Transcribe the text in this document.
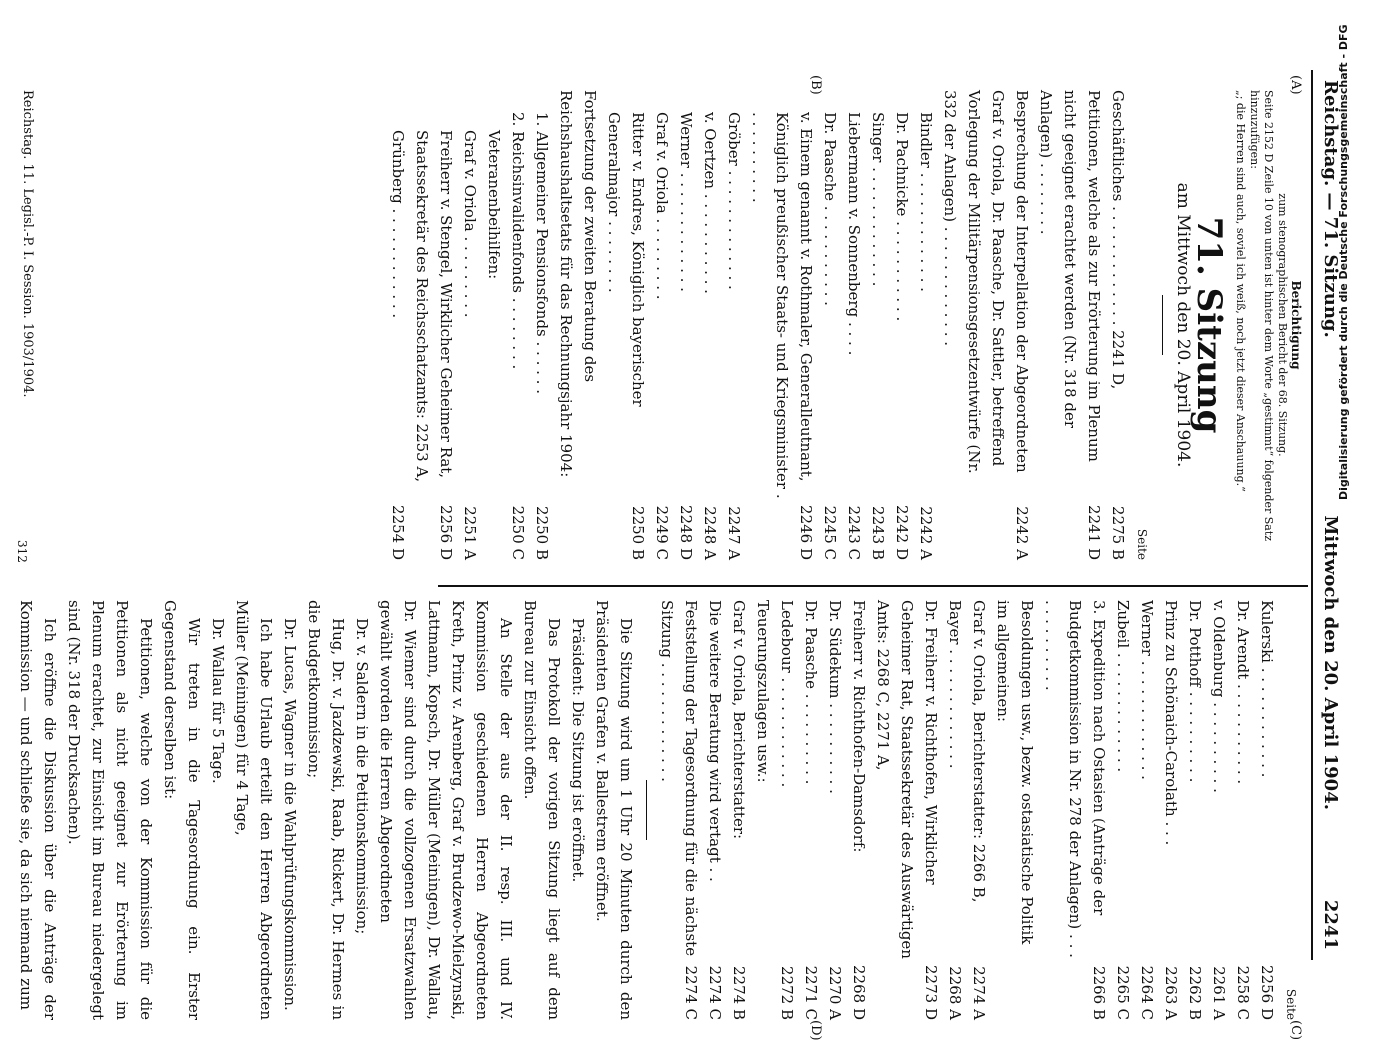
Reichstag. — 71. Sitzung.
Mittwoch den 20. April 1904.
2241
(A)
(B)
(C)
(D)
Berichtigung
zum stenographischen Bericht der 68. Sitzung.
Seite 2152 D Zeile 10 von unten ist hinter dem Worte „gestimmt“ folgender Satz hinzuzufügen:
„; die Herren sind auch, soviel ich weiß, noch jetzt dieser Anschauung.“
71. Sitzung
am Mittwoch den 20. April 1904.
Seite
Geschäftliches . . . . . . . . . . . . . 2241 D,
2275 B
Petitionen, welche als zur Erörterung im Plenum nicht geeignet erachtet werden (Nr. 318 der Anlagen) . . . . . . . .
2241 D
Besprechung der Interpellation der Abgeordneten Graf v. Oriola, Dr. Paasche, Dr. Sattler, betreffend Vorlegung der Militärpensionsgesetzentwürfe (Nr. 332 der Anlagen) . . . . . . . . . . . . .
2242 A
Bindler . . . . . . . . . . . . .
2242 A
Dr. Pachnicke . . . . . . . . . . .
2242 D
Singer . . . . . . . . . . . . .
2243 B
Liebermann v. Sonnenberg . . . .
2243 C
Dr. Paasche . . . . . . . . . . .
2245 C
v. Einem genannt v. Rothmaler, Generalleutnant, Königlich preußischer Staats- und Kriegsminister . . . . . . . . . . .
2246 D
Gröber . . . . . . . . . . . . .
2247 A
v. Oertzen . . . . . . . . . . .
2248 A
Werner . . . . . . . . . . . . .
2248 D
Graf v. Oriola . . . . . . . . .
2249 C
Ritter v. Endres, Königlich bayerischer Generalmajor . . . . . . . .
2250 B
Fortsetzung der zweiten Beratung des Reichshaushaltsetats für das Rechnungsjahr 1904:
1. Allgemeiner Pensionsfonds . . . . . .
2250 B
2. Reichsinvalidenfonds . . . . . . . .
2250 C
Veteranenbeihilfen:
Graf v. Oriola . . . . . . . . .
2251 A
Freiherr v. Stengel, Wirklicher Geheimer Rat, Staatssekretär des Reichsschatzamts: 2253 A,
2256 D
Grünberg . . . . . . . . . . . .
2254 D
Seite
Kulerski . . . . . . . . . . . .
2256 D
Dr. Arendt . . . . . . . . . . .
2258 C
v. Oldenburg . . . . . . . . . .
2261 A
Dr. Potthoff . . . . . . . . . .
2262 B
Prinz zu Schönaich-Carolath . . .
2263 A
Werner . . . . . . . . . . . . .
2264 C
Zubeil . . . . . . . . . . . . .
2265 C
3. Expedition nach Ostasien (Anträge der Budgetkommission in Nr. 278 der Anlagen) . . . . . . . . . . . . .
2266 B
Besoldungen usw., bezw. ostasiatische Politik im allgemeinen:
Graf v. Oriola, Berichterstatter: 2266 B,
2274 A
Bayer . . . . . . . . . . . . .
2268 A
Dr. Freiherr v. Richthofen, Wirklicher Geheimer Rat, Staatssekretär des Auswärtigen Amts: 2268 C, 2271 A,
2273 D
Freiherr v. Richthofen-Damsdorf:
2268 D
Dr. Südekum . . . . . . . . . .
2270 A
Dr. Paasche . . . . . . . . . .
2271 C
Ledebour . . . . . . . . . . . .
2272 B
Teuerungszulagen usw.:
Graf v. Oriola, Berichterstatter:
2274 B
Die weitere Beratung wird vertagt . .
2274 C
Feststellung der Tagesordnung für die nächste Sitzung . . . . . . . . . . . . .
2274 C
Die Sitzung wird um 1 Uhr 20 Minuten durch den Präsidenten Grafen v. Ballestrem eröffnet.
Präsident: Die Sitzung ist eröffnet.
Das Protokoll der vorigen Sitzung liegt auf dem Bureau zur Einsicht offen.
An Stelle der aus der II. resp. III. und IV. Kommission geschiedenen Herren Abgeordneten Kreth, Prinz v. Arenberg, Graf v. Brudzewo-Mielzynski, Lattmann, Kopsch, Dr. Müller (Meiningen), Dr. Wallau, Dr. Wiemer sind durch die vollzogenen Ersatzwahlen gewählt worden die Herren Abgeordneten
Dr. v. Saldern in die Petitionskommission;
Hug, Dr. v. Jazdzewski, Raab, Rickert, Dr. Hermes in die Budgetkommission;
Dr. Lucas, Wagner in die Wahlprüfungskommission.
Ich habe Urlaub erteilt den Herren Abgeordneten Müller (Meiningen) für 4 Tage,
Dr. Wallau für 5 Tage.
Wir treten in die Tagesordnung ein. Erster Gegenstand derselben ist:
Petitionen, welche von der Kommission für die Petitionen als nicht geeignet zur Erörterung im Plenum erachtet, zur Einsicht im Bureau niedergelegt sind (Nr. 318 der Drucksachen).
Ich eröffne die Diskussion über die Anträge der Kommission — und schließe sie, da sich niemand zum
Reichstag. 11. Legisl.-P. I. Session. 1903/1904.
312
Digitalisierung gefördert durch die Deutsche Forschungsgemeinschaft - DFG
